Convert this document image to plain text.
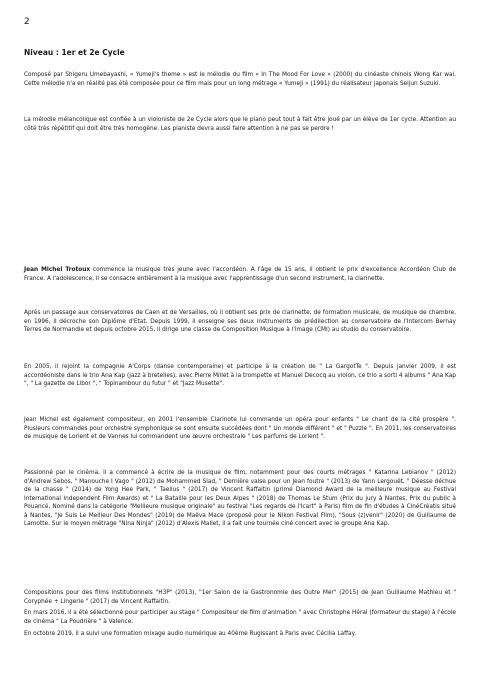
2
Niveau : 1er et 2e Cycle

Composé par Shigeru Umebayashi, « Yumeji's theme » est le mélodie du film « In The Mood For Love » (2000) du cinéaste chinois Wong Kar wai. Cette mélodie n'a en réalité pas été composée pour ce film mais pour un long métrage « Yumeji » (1991) du réalisateur japonais Seijun Suzuki.

La mélodie mélancolique est confiée à un violoniste de 2e Cycle alors que le piano peut tout à fait être joué par un élève de 1er cycle. Attention au côté très répétitif qui doit être très homogène. Les pianiste devra aussi faire attention à ne pas se perdre !

Jean Michel Trotoux commence la musique très jeune avec l'accordéon. A l'âge de 15 ans, il obtient le prix d'excellence Accordéon Club de France. A l'adolescence, il se consacre entièrement à la musique avec l'apprentissage d'un second instrument, la clarinette.

Après un passage aux conservatoires de Caen et de Versailles, où il obtient ses prix de clarinette, de formation musicale, de musique de chambre, en 1996, il décroche son Diplôme d'Etat. Depuis 1999, il enseigne ses deux instruments de prédilection au conservatoire de l'Intercom Bernay Terres de Normandie et depuis octobre 2015, il dirige une classe de Composition Musique à l'image (CMI) au studio du conservatoire.

En 2005, il rejoint la compagnie A'Corps (danse contemporaine) et participe à la création de " La GargotTe ". Depuis janvier 2009, il est accordéoniste dans le trio Ana Kap (jazz à bretelles), avec Pierre Millet à la trompette et Manuel Decocq au violon, ce trio a sorti 4 albums " Ana Kap ", " La gazette de Libor ", " Topinambour du futur " et "Jazz Musette".

Jean Michel est également compositeur, en 2001 l'ensemble Clarinote lui commande un opéra pour enfants " Le chant de la cité prospère ". Plusieurs commandes pour orchestre symphonique se sont ensuite succédées dont " Un monde différent " et " Puzzle ". En 2011, les conservatoires de musique de Lorient et de Vannes lui commandent une œuvre orchestrale " Les parfums de Lorient ".

Passionné par le cinéma, il a commencé à écrire de la musique de film, notamment pour des courts métrages " Katarina Lebianov " (2012) d'Andrew Sebos, " Manouche I Vago " (2012) de Mohammed Siad, " Dernière valse pour un Jean foutre " (2013) de Yann Lergouët, " Déesse déchue de la chasse " (2014) de Yong Hee Park, " Taelius " (2017) de Vincent Raffaitin (primé Diamond Award de la meilleure musique au Festival International Independent Film Awards) et " La Bataille pour les Deux Alpes " (2018) de Thomas Le Stum (Prix du jury à Nantes, Prix du public à Pouancé, Nominé dans la catégorie "Meilleure musique originale" au festival "Les regards de l'Icart" à Paris) film de fin d'études à CinéCréatis situé à Nantes, "Je Suis Le Meilleur Des Mondes" (2019) de Maëva Mace (proposé pour le Nikon Festival Film), "Sous (z)venir" (2020) de Guillaume de Lamotte. Sur le moyen métrage "Nina Ninja" (2012) d'Alexis Mallet, il a fait une tournée ciné concert avec le groupe Ana Kap.

Compositions pour des films institutionnels "H3P" (2013), "1er Salon de la Gastronomie des Outre Mer" (2015) de Jean Guillaume Mathieu et " Coryphée + Lingerie " (2017) de Vincent Raffaitin.

En mars 2016, il a été sélectionné pour participer au stage " Compositeur de film d'animation " avec Christophe Héral (formateur du stage) à l'école de cinéma " La Poudrière " à Valence.

En octobre 2019, il a suivi une formation mixage audio numérique au 40ème Rugissant à Paris avec Cécilia Laffay.
